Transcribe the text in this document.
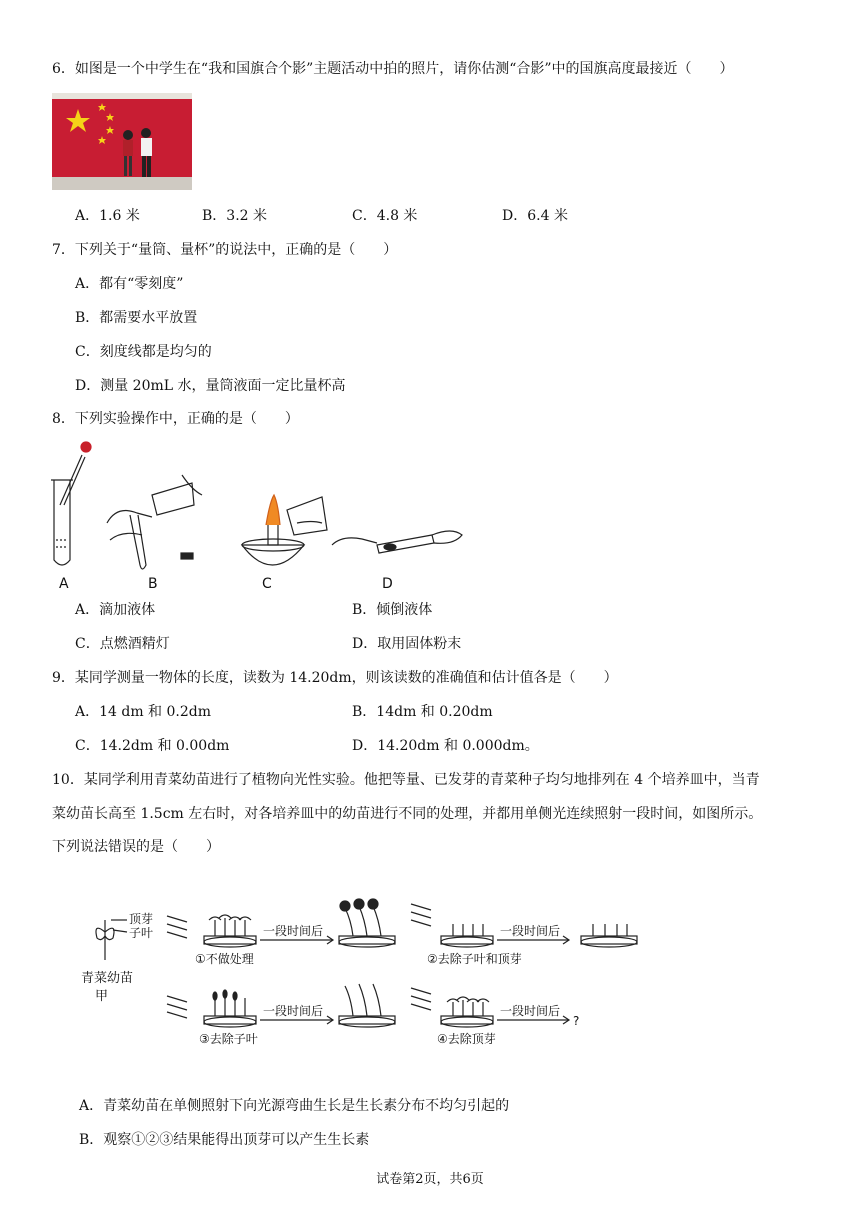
6．如图是一个中学生在“我和国旗合个影”主题活动中拍的照片，请你估测“合影”中的国旗高度最接近（　　）
A．1.6 米	B．3.2 米	C．4.8 米	D．6.4 米
7．下列关于“量筒、量杯”的说法中，正确的是（　　）
A．都有“零刻度”
B．都需要水平放置
C．刻度线都是均匀的
D．测量 20mL 水，量筒液面一定比量杯高
8．下列实验操作中，正确的是（　　）
A	B	C	D
A．滴加液体	B．倾倒液体
C．点燃酒精灯	D．取用固体粉末
9．某同学测量一物体的长度，读数为 14.20dm，则该读数的准确值和估计值各是（　　）
A．14 dm 和 0.2dm	B．14dm 和 0.20dm
C．14.2dm 和 0.00dm	D．14.20dm 和 0.000dm。
10．某同学利用青菜幼苗进行了植物向光性实验。他把等量、已发芽的青菜种子均匀地排列在 4 个培养皿中，当青
菜幼苗长高至 1.5cm 左右时，对各培养皿中的幼苗进行不同的处理，并都用单侧光连续照射一段时间，如图所示。
下列说法错误的是（　　）
顶芽
子叶
青菜幼苗
甲
一段时间后	一段时间后
一段时间后	一段时间后
①不做处理	②去除子叶和顶芽
③去除子叶	④去除顶芽
?
A．青菜幼苗在单侧照射下向光源弯曲生长是生长素分布不均匀引起的
B．观察①②③结果能得出顶芽可以产生生长素
试卷第2页，共6页
